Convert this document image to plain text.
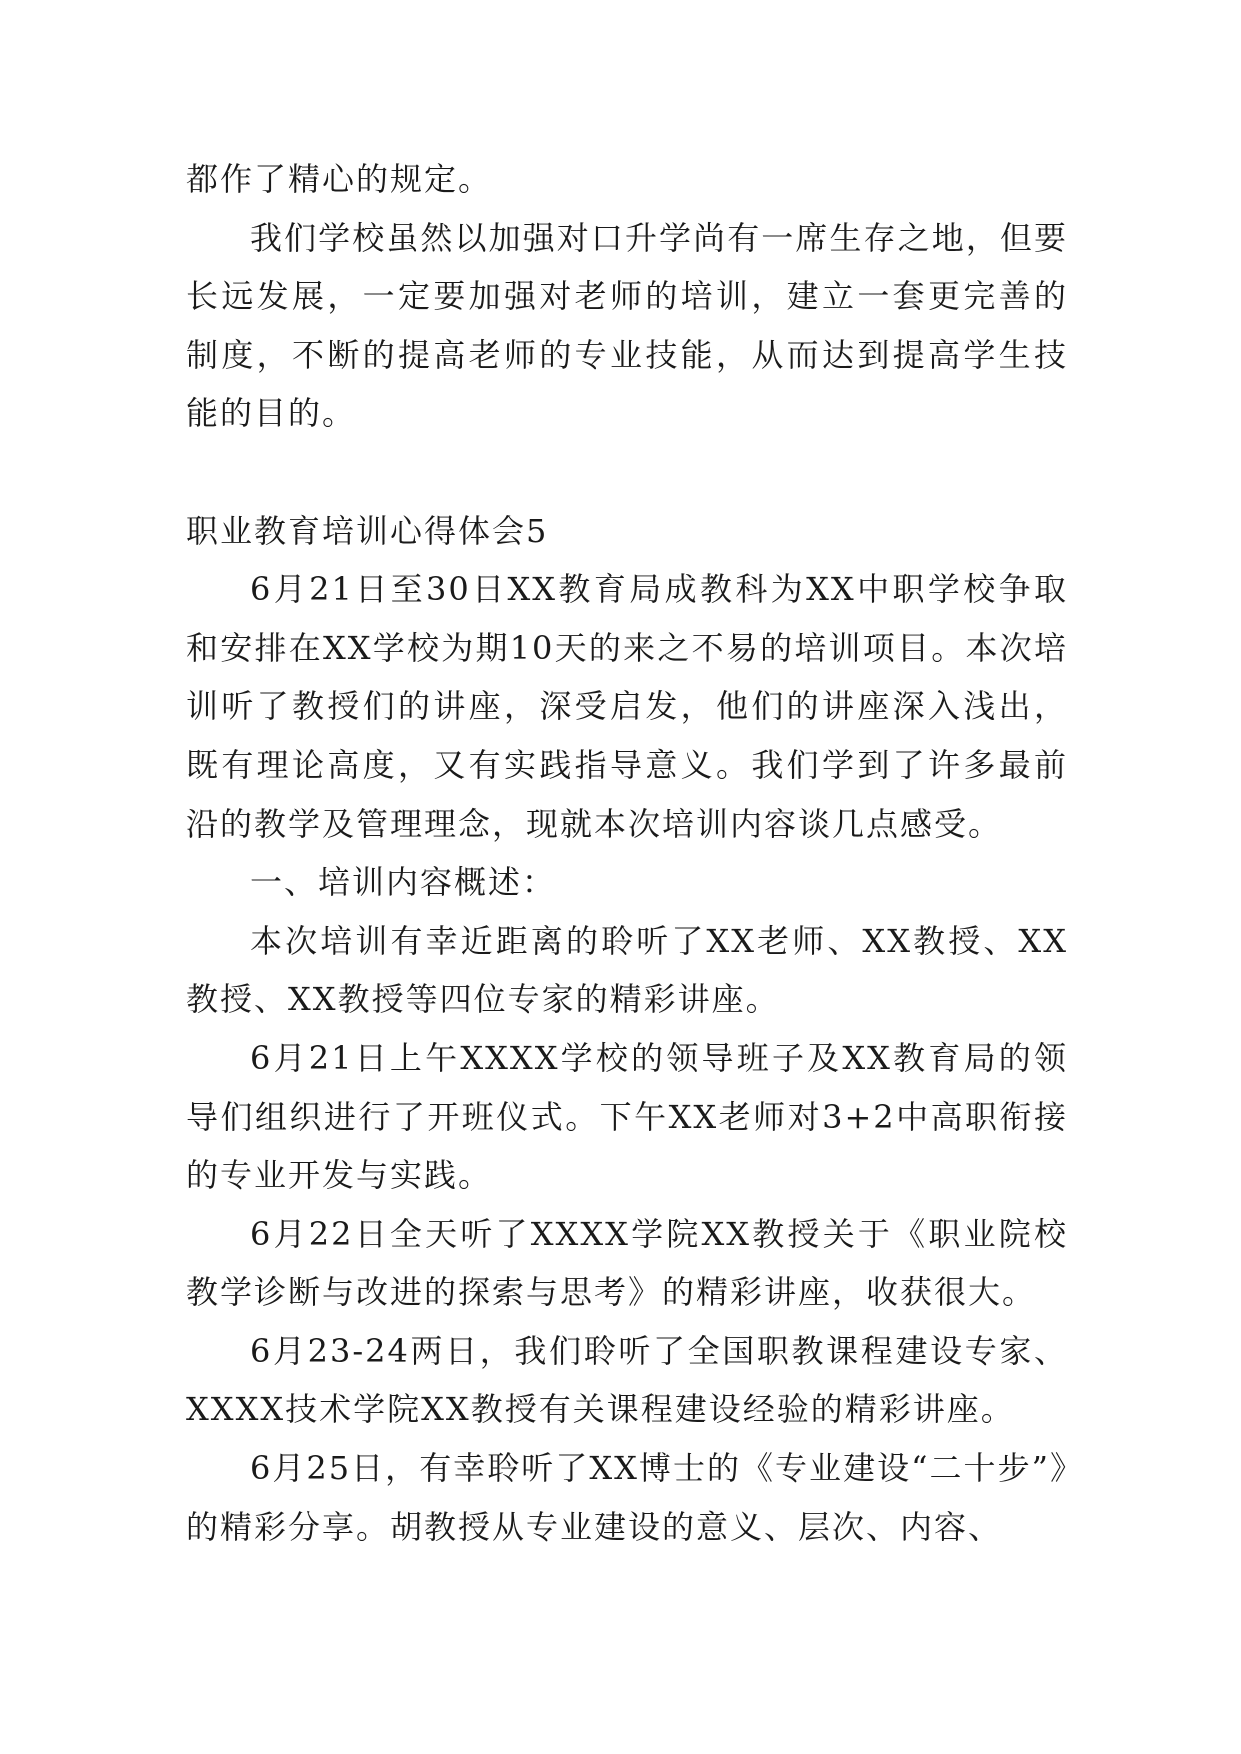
都作了精心的规定。

我们学校虽然以加强对口升学尚有一席生存之地，但要长远发展，一定要加强对老师的培训，建立一套更完善的制度，不断的提高老师的专业技能，从而达到提高学生技能的目的。

职业教育培训心得体会5

6月21日至30日XX教育局成教科为XX中职学校争取和安排在XX学校为期10天的来之不易的培训项目。本次培训听了教授们的讲座，深受启发，他们的讲座深入浅出，既有理论高度，又有实践指导意义。我们学到了许多最前沿的教学及管理理念，现就本次培训内容谈几点感受。

一、培训内容概述：

本次培训有幸近距离的聆听了XX老师、XX教授、XX教授、XX教授等四位专家的精彩讲座。

6月21日上午XXXX学校的领导班子及XX教育局的领导们组织进行了开班仪式。下午XX老师对3+2中高职衔接的专业开发与实践。

6月22日全天听了XXXX学院XX教授关于《职业院校教学诊断与改进的探索与思考》的精彩讲座，收获很大。

6月23-24两日，我们聆听了全国职教课程建设专家、XXXX技术学院XX教授有关课程建设经验的精彩讲座。

6月25日，有幸聆听了XX博士的《专业建设“二十步”》的精彩分享。胡教授从专业建设的意义、层次、内容、
